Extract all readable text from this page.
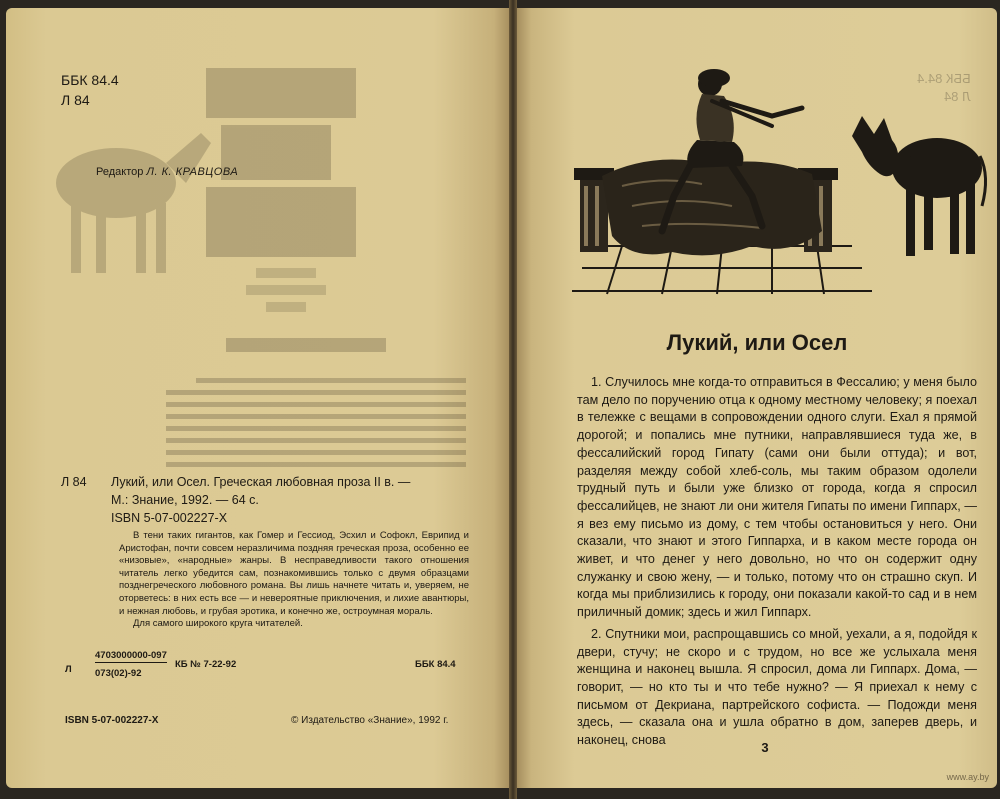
ББК 84.4
Л 84
Редактор Л. К. КРАВЦОВА
Л 84 Лукий, или Осел. Греческая любовная проза II в. —
М.: Знание, 1992. — 64 с.
ISBN 5-07-002227-X

В тени таких гигантов, как Гомер и Гессиод, Эсхил и Софокл, Еврипид и Аристофан, почти совсем неразличима поздняя греческая проза, особенно ее «низовые», «народные» жанры. В несправедливости такого отношения читатель легко убедится сам, познакомившись только с двумя образцами позднегреческого любовного романа. Вы лишь начнете читать и, уверяем, не оторветесь: в них есть все — и невероятные приключения, и лихие авантюры, и нежная любовь, и грубая эротика, и конечно же, остроумная мораль.

Для самого широкого круга читателей.

Л
4703000000-097
073(02)-92
КБ № 7-22-92	ББК 84.4
ISBN 5-07-002227-X	© Издательство «Знание», 1992 г.
ББК 84.4
Л 84
Лукий, или Осел

1. Случилось мне когда-то отправиться в Фессалию; у меня было там дело по поручению отца к одному местному человеку; я поехал в тележке с вещами в сопровождении одного слуги. Ехал я прямой дорогой; и попались мне путники, направлявшиеся туда же, в фессалийский город Гипату (сами они были оттуда); и вот, разделяя между собой хлеб-соль, мы таким образом одолели трудный путь и были уже близко от города, когда я спросил фессалийцев, не знают ли они жителя Гипаты по имени Гиппарх, — я вез ему письмо из дому, с тем чтобы остановиться у него. Они сказали, что знают и этого Гиппарха, и в каком месте города он живет, и что денег у него довольно, но что он содержит одну служанку и свою жену, — и только, потому что он страшно скуп. И когда мы приблизились к городу, они показали какой-то сад и в нем приличный домик; здесь и жил Гиппарх.

2. Спутники мои, распрощавшись со мной, уехали, а я, подойдя к двери, стучу; не скоро и с трудом, но все же услыхала меня женщина и наконец вышла. Я спросил, дома ли Гиппарх. Дома, — говорит, — но кто ты и что тебе нужно? — Я приехал к нему с письмом от Декриана, партрейского софиста. — Подожди меня здесь, — сказала она и ушла обратно в дом, заперев дверь, и наконец, снова	3
www.ay.by
